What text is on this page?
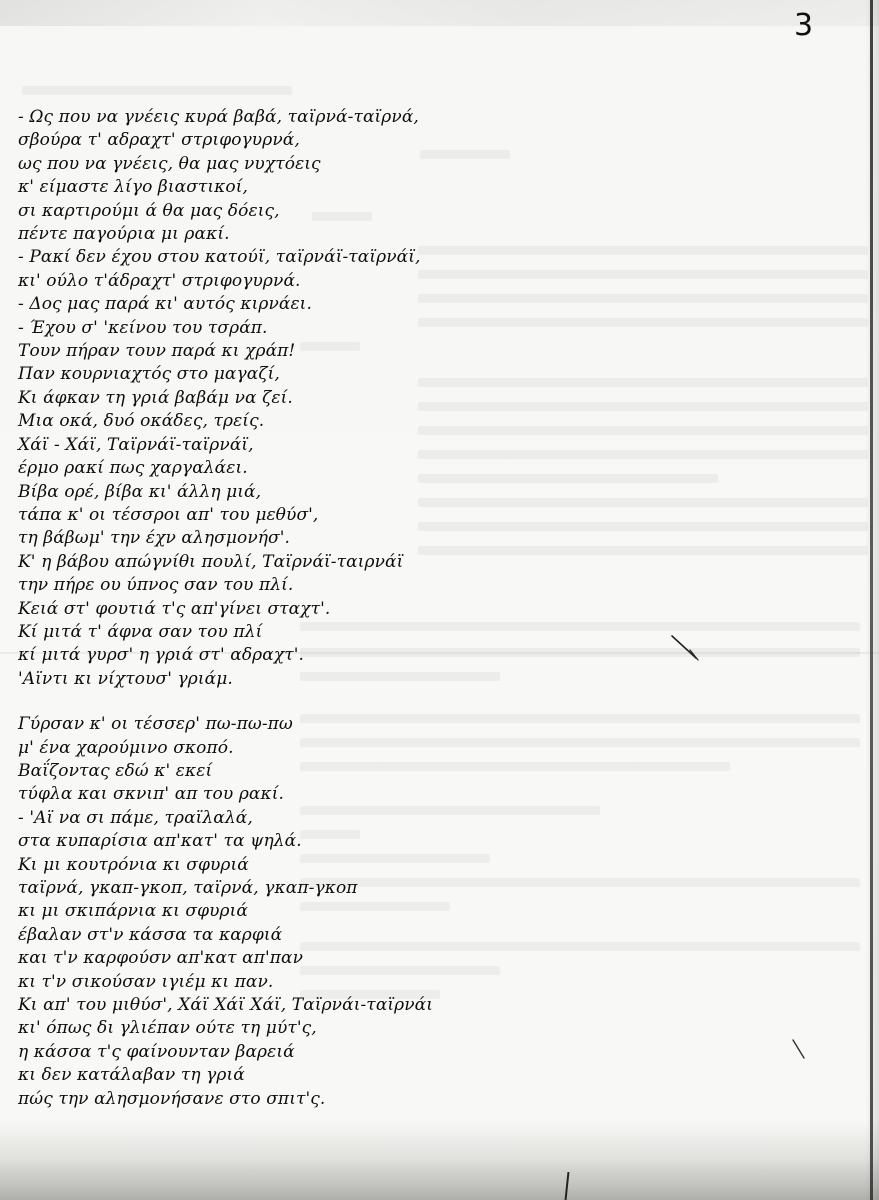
3
- Ως που να γνέεις κυρά βαβά, ταϊρνά-ταϊρνά,
σβούρα τ' αδραχτ' στριφογυρνά,
ως που να γνέεις, θα μας νυχτόεις
κ' είμαστε λίγο βιαστικοί,
σι καρτιρούμι ά θα μας δόεις,
πέντε παγούρια μι ρακί.
- Ρακί δεν έχου στου κατούϊ, ταϊρνάϊ-ταϊρνάϊ,
κι' ούλο τ'άδραχτ' στριφογυρνά.
- Δος μας παρά κι' αυτός κιρνάει.
- Έχου σ' 'κείνου του τσράπ.
Τουν πήραν τουν παρά κι χράπ!
Παν κουρνιαχτός στο μαγαζί,
Κι άφκαν τη γριά βαβάμ να ζεί.
Μια οκά, δυό οκάδες, τρείς.
Χάϊ - Χάϊ, Ταϊρνάϊ-ταϊρνάϊ,
έρμο ρακί πως χαργαλάει.
Βίβα ορέ, βίβα κι' άλλη μιά,
τάπα κ' οι τέσσροι απ' του μεθύσ',
τη βάβωμ' την έχν αλησμονήσ'.
Κ' η βάβου απώγνίθι πουλί, Ταϊρνάϊ-ταιρνάϊ
την πήρε ου ύπνος σαν του πλί.
Κειά στ' φουτιά τ'ς απ'γίνει σταχτ'.
Κί μιτά τ' άφνα σαν του πλί
κί μιτά γυρσ' η γριά στ' αδραχτ'.
'Αϊντι κι νίχτουσ' γριάμ.
Γύρσαν κ' οι τέσσερ' πω-πω-πω
μ' ένα χαρούμινο σκοπό.
Βαΐζοντας εδώ κ' εκεί
τύφλα και σκνιπ' απ του ρακί.
- 'Αϊ να σι πάμε, τραϊλαλά,
στα κυπαρίσια απ'κατ' τα ψηλά.
Κι μι κουτρόνια κι σφυριά
ταϊρνά, γκαπ-γκοπ, ταϊρνά, γκαπ-γκοπ
κι μι σκιπάρνια κι σφυριά
έβαλαν στ'ν κάσσα τα καρφιά
και τ'ν καρφούσν απ'κατ απ'παν
κι τ'ν σικούσαν ιγιέμ κι παν.
Κι απ' του μιθύσ', Χάϊ Χάϊ Χάϊ, Ταϊρνάι-ταϊρνάι
κι' όπως δι γλιέπαν ούτε τη μύτ'ς,
η κάσσα τ'ς φαίνουνταν βαρειά
κι δεν κατάλαβαν τη γριά
πώς την αλησμονήσανε στο σπιτ'ς.
